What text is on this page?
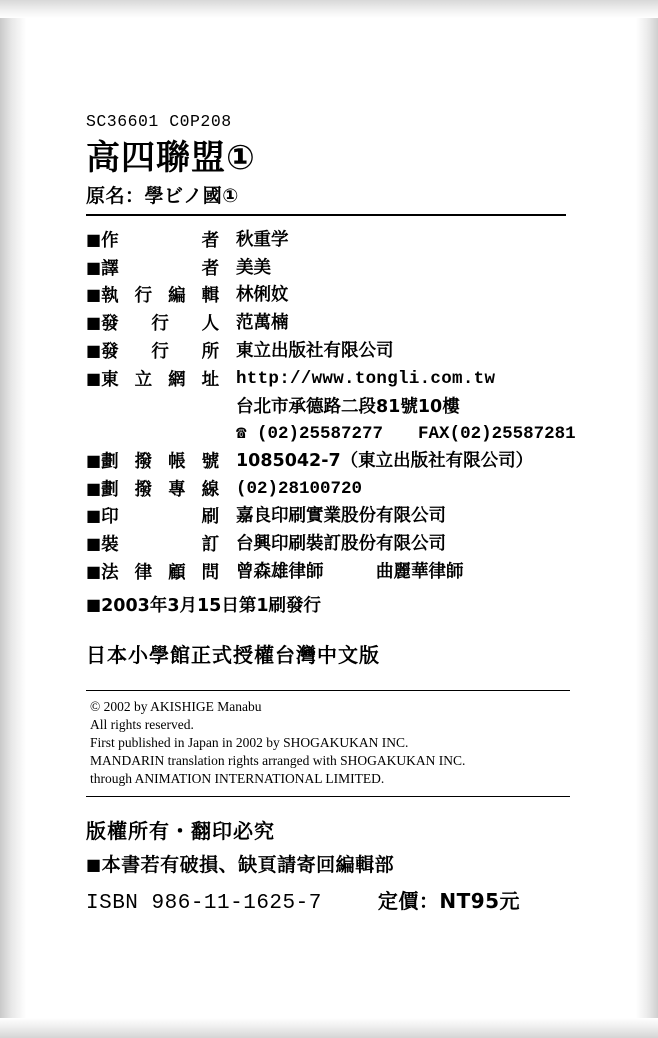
SC36601 C0P208
高四聯盟①
原名：學ビノ國①
■作　　者	秋重学
■譯　　者	美美
■執行編輯	林俐妏
■發 行 人	范萬楠
■發 行 所	東立出版社有限公司
■東立網址	http://www.tongli.com.tw
	台北市承德路二段81號10樓
	☎ (02)25587277　　FAX(02)25587281
■劃撥帳號	1085042-7（東立出版社有限公司）
■劃撥專線	(02)28100720
■印　　刷	嘉良印刷實業股份有限公司
■裝　　訂	台興印刷裝訂股份有限公司
■法律顧問	曾森雄律師　　　曲麗華律師
■2003年3月15日第1刷發行
日本小學館正式授權台灣中文版
© 2002 by AKISHIGE Manabu
All rights reserved.
First published in Japan in 2002 by SHOGAKUKAN INC.
MANDARIN translation rights arranged with SHOGAKUKAN INC.
through ANIMATION INTERNATIONAL LIMITED.
版權所有・翻印必究
■本書若有破損、缺頁請寄回編輯部
ISBN 986-11-1625-7	定價：NT95元
